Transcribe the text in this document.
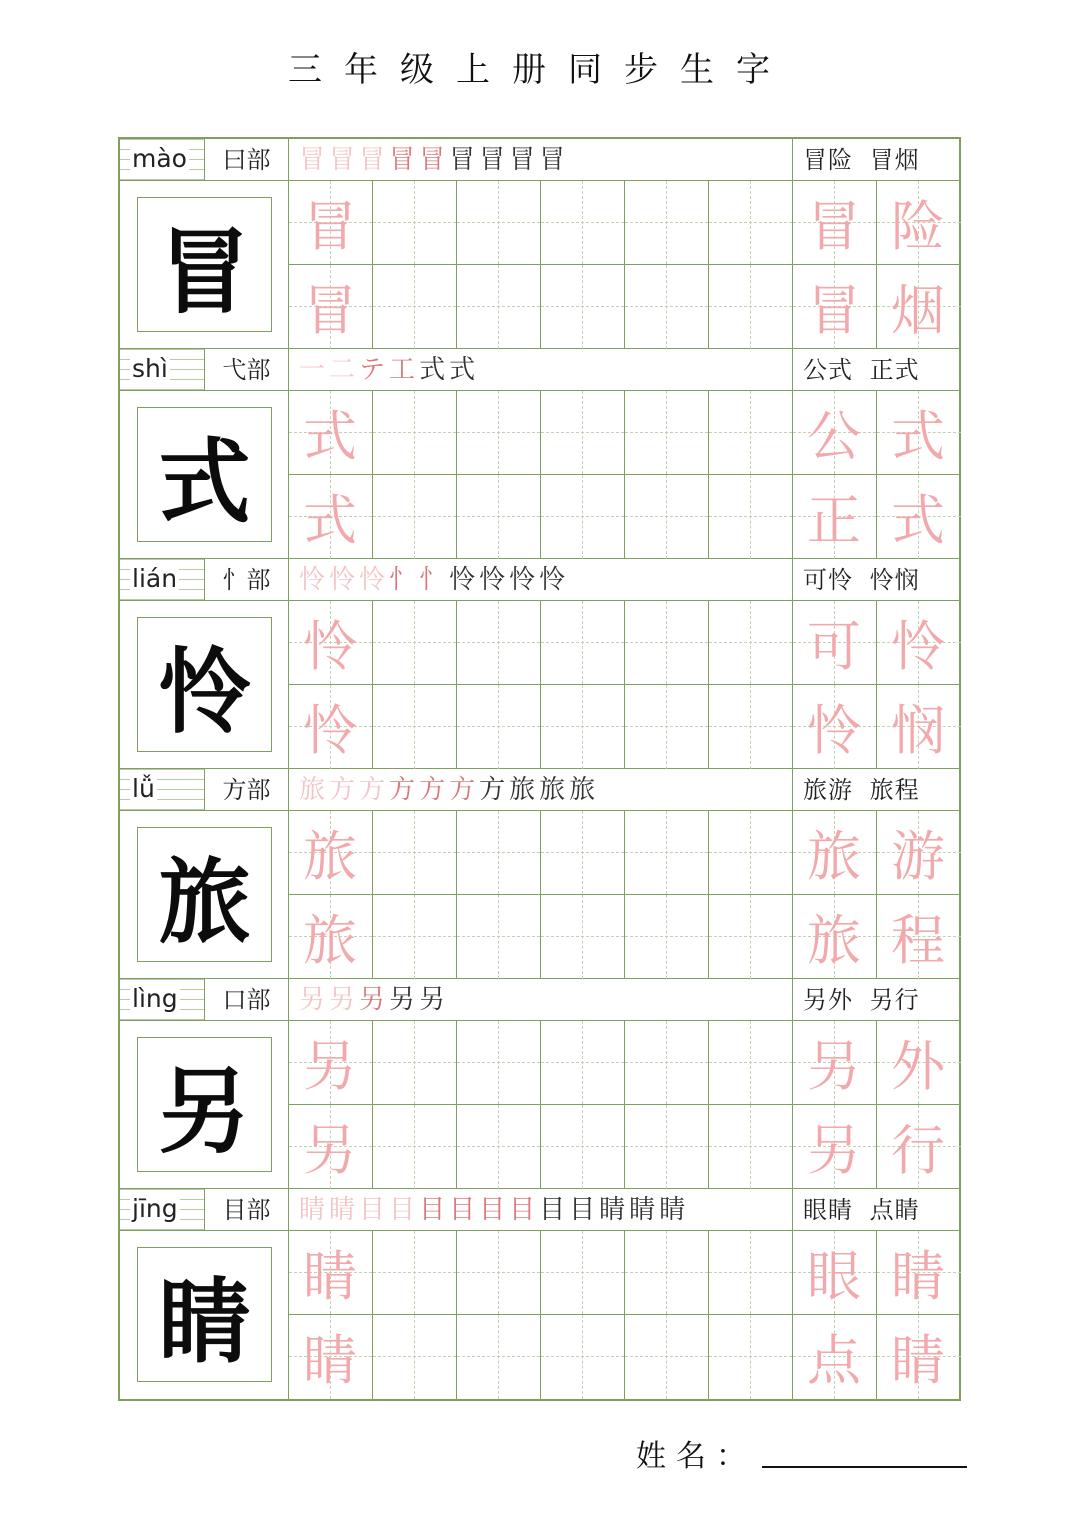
三年级上册同步生字
mào	曰部	冒 冒 冒 冒 冒 冒 冒 冒 冒	冒险 冒烟
冒 冒	冒 险
冒	冒 烟
shì	弋部	一 二 テ 工 式 式	公式 正式
式 式	公 式
式	正 式
lián	忄部	怜 怜 怜 忄 忄 怜 怜 怜 怜	可怜 怜悯
怜 怜	可 怜
怜	怜 悯
lǚ	方部	旅 方 方 方 方 方 方 旅 旅 旅	旅游 旅程
旅 旅	旅 游
旅	旅 程
lìng	口部	另 另 另 另 另	另外 另行
另 另	另 外
另	另 行
jīng	目部	睛 睛 目 目 目 目 目 目 目 目 睛 睛 睛	眼睛 点睛
睛 睛	眼 睛
睛	点 睛
姓名：
